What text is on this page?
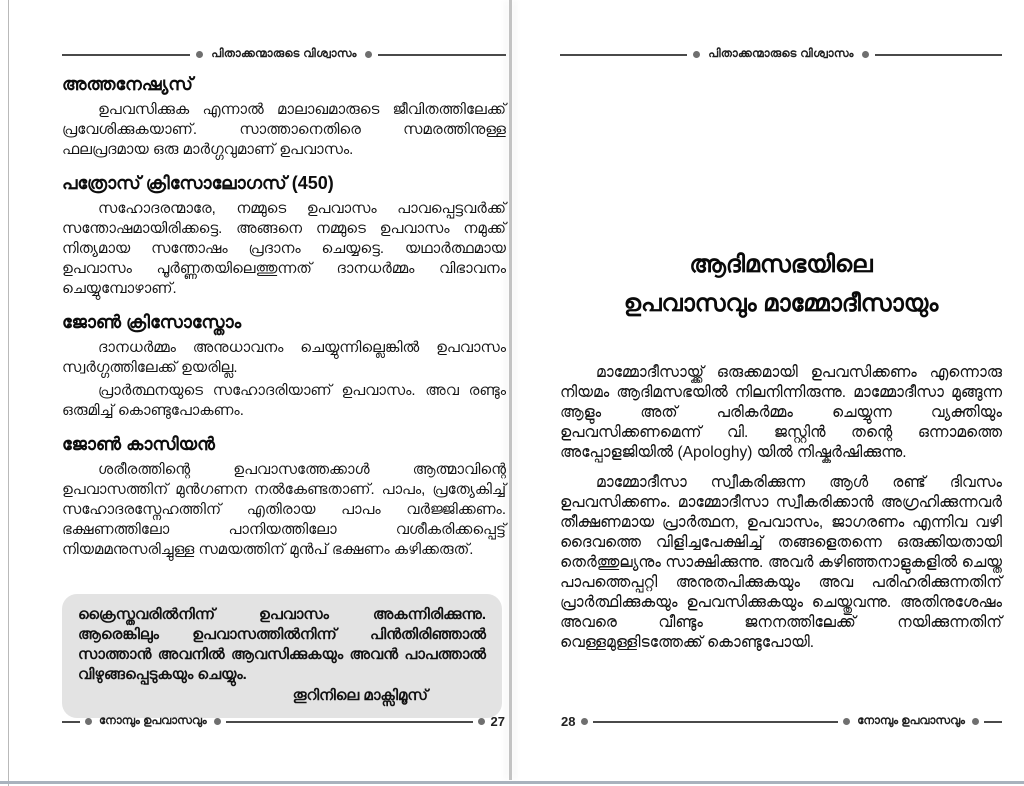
പിതാക്കന്മാരുടെ വിശ്വാസം
അത്തനേഷ്യസ്

ഉപവസിക്കുക എന്നാൽ മാലാഖമാരുടെ ജീവിതത്തിലേക്ക് പ്രവേശിക്കുകയാണ്. സാത്താനെതിരെ സമരത്തിനുള്ള ഫലപ്രദമായ ഒരു മാർഗ്ഗവുമാണ് ഉപവാസം.

പത്രോസ് ക്രിസോലോഗസ് (450)

സഹോദരന്മാരേ, നമ്മുടെ ഉപവാസം പാവപ്പെട്ടവർക്ക് സന്തോഷമായിരിക്കട്ടെ. അങ്ങനെ നമ്മുടെ ഉപവാസം നമുക്ക് നിത്യമായ സന്തോഷം പ്രദാനം ചെയ്യട്ടെ. യഥാർത്ഥമായ ഉപവാസം പൂർണ്ണതയിലെത്തുന്നത് ദാനധർമ്മം വിഭാവനം ചെയ്യുമ്പോഴാണ്.

ജോൺ ക്രിസോസ്തോം

ദാനധർമ്മം അനുധാവനം ചെയ്യുന്നില്ലെങ്കിൽ ഉപവാസം സ്വർഗ്ഗത്തിലേക്ക് ഉയരില്ല.

പ്രാർത്ഥനയുടെ സഹോദരിയാണ് ഉപവാസം. അവ രണ്ടും ഒരുമിച്ച് കൊണ്ടുപോകണം.

ജോൺ കാസിയൻ

ശരീരത്തിന്റെ ഉപവാസത്തേക്കാൾ ആത്മാവിന്റെ ഉപവാസത്തിന് മുൻഗണന നൽകേണ്ടതാണ്. പാപം, പ്രത്യേകിച്ച് സഹോദരസ്നേഹത്തിന് എതിരായ പാപം വർജ്ജിക്കണം. ഭക്ഷണത്തിലോ പാനിയത്തിലോ വശീകരിക്കപ്പെട്ട് നിയമമനുസരിച്ചുള്ള സമയത്തിന് മുൻപ് ഭക്ഷണം കഴിക്കരുത്.

ക്രൈസ്തവരിൽനിന്ന് ഉപവാസം അകന്നിരിക്കുന്നു. ആരെങ്കിലും ഉപവാസത്തിൽനിന്ന് പിൻതിരിഞ്ഞാൽ സാത്താൻ അവനിൽ ആവസിക്കുകയും അവൻ പാപത്താൽ വിഴുങ്ങപ്പെടുകയും ചെയ്യും.
തൂറിനിലെ മാക്സിമൂസ്
നോമ്പും ഉപവാസവും	27
പിതാക്കന്മാരുടെ വിശ്വാസം
ആദിമസഭയിലെ
ഉപവാസവും മാമ്മോദീസായും

മാമ്മോദീസായ്ക്ക് ഒരുക്കമായി ഉപവസിക്കണം എന്നൊരു നിയമം ആദിമസഭയിൽ നിലനിന്നിരുന്നു. മാമ്മോദീസാ മുങ്ങുന്ന ആളും അത് പരികർമ്മം ചെയ്യുന്ന വ്യക്തിയും ഉപവസിക്കണമെന്ന് വി. ജസ്റ്റിൻ തന്റെ ഒന്നാമത്തെ അപ്പോളജിയിൽ (Apologhy) യിൽ നിഷ്കർഷിക്കുന്നു.

മാമ്മോദീസാ സ്വീകരിക്കുന്ന ആൾ രണ്ട് ദിവസം ഉപവസിക്കണം. മാമ്മോദീസാ സ്വീകരിക്കാൻ അഗ്രഹിക്കുന്നവർ തീക്ഷണമായ പ്രാർത്ഥന, ഉപവാസം, ജാഗരണം എന്നിവ വഴി ദൈവത്തെ വിളിച്ചപേക്ഷിച്ച് തങ്ങളെതന്നെ ഒരുക്കിയതായി തെർത്തുല്യനും സാക്ഷിക്കുന്നു. അവർ കഴിഞ്ഞനാളുകളിൽ ചെയ്ത പാപത്തെപ്പറ്റി അനുതപിക്കുകയും അവ പരിഹരിക്കുന്നതിന് പ്രാർത്ഥിക്കുകയും ഉപവസിക്കുകയും ചെയ്തുവന്നു. അതിനുശേഷം അവരെ വീണ്ടും ജനനത്തിലേക്ക് നയിക്കുന്നതിന് വെള്ളമുള്ളിടത്തേക്ക് കൊണ്ടുപോയി.

28	നോമ്പും ഉപവാസവും
